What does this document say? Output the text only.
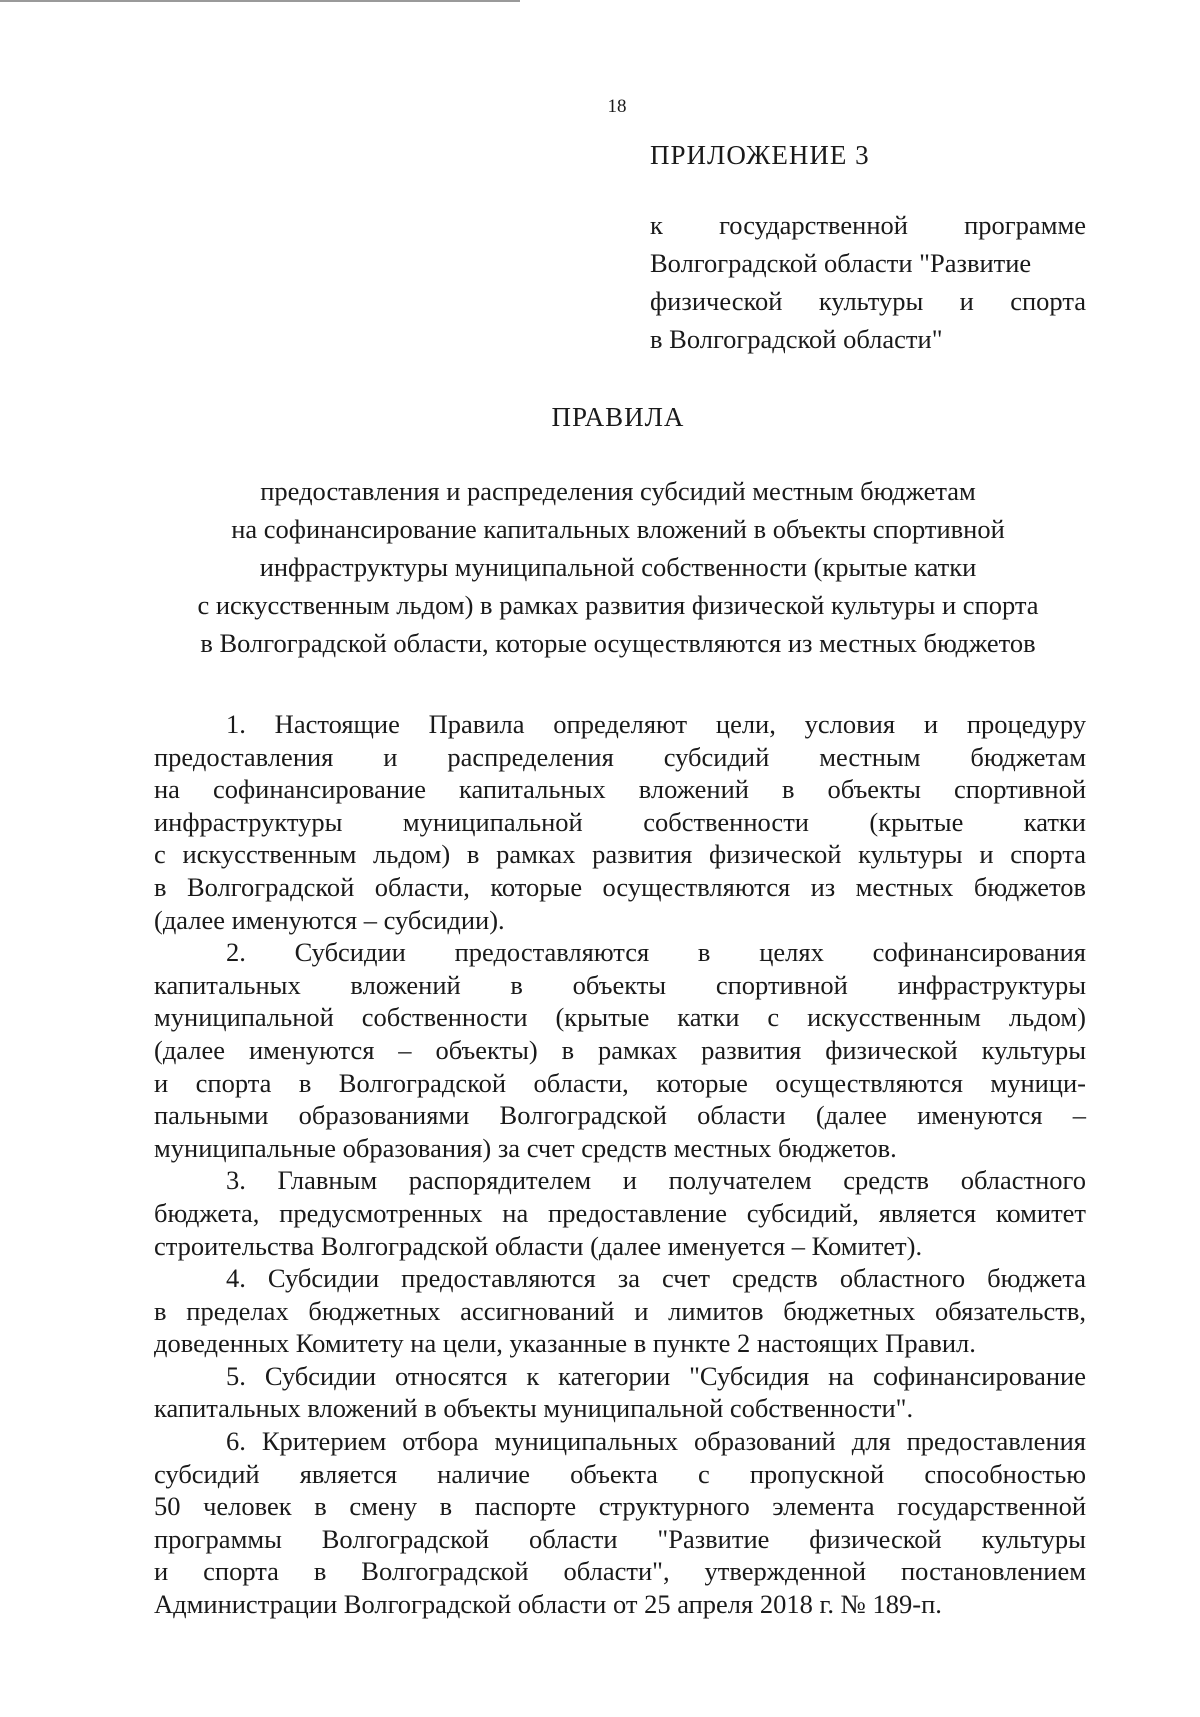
18
ПРИЛОЖЕНИЕ 3
к государственной программе
Волгоградской области "Развитие
физической культуры и спорта
в Волгоградской области"
ПРАВИЛА
предоставления и распределения субсидий местным бюджетам
на софинансирование капитальных вложений в объекты спортивной
инфраструктуры муниципальной собственности (крытые катки
с искусственным льдом) в рамках развития физической культуры и спорта
в Волгоградской области, которые осуществляются из местных бюджетов
1. Настоящие Правила определяют цели, условия и процедуру
предоставления и распределения субсидий местным бюджетам
на софинансирование капитальных вложений в объекты спортивной
инфраструктуры муниципальной собственности (крытые катки
с искусственным льдом) в рамках развития физической культуры и спорта
в Волгоградской области, которые осуществляются из местных бюджетов
(далее именуются – субсидии).
2. Субсидии предоставляются в целях софинансирования
капитальных вложений в объекты спортивной инфраструктуры
муниципальной собственности (крытые катки с искусственным льдом)
(далее именуются – объекты) в рамках развития физической культуры
и спорта в Волгоградской области, которые осуществляются муници-
пальными образованиями Волгоградской области (далее именуются –
муниципальные образования) за счет средств местных бюджетов.
3. Главным распорядителем и получателем средств областного
бюджета, предусмотренных на предоставление субсидий, является комитет
строительства Волгоградской области (далее именуется – Комитет).
4. Субсидии предоставляются за счет средств областного бюджета
в пределах бюджетных ассигнований и лимитов бюджетных обязательств,
доведенных Комитету на цели, указанные в пункте 2 настоящих Правил.
5. Субсидии относятся к категории "Субсидия на софинансирование
капитальных вложений в объекты муниципальной собственности".
6. Критерием отбора муниципальных образований для предоставления
субсидий является наличие объекта с пропускной способностью
50 человек в смену в паспорте структурного элемента государственной
программы Волгоградской области "Развитие физической культуры
и спорта в Волгоградской области", утвержденной постановлением
Администрации Волгоградской области от 25 апреля 2018 г. № 189-п.
